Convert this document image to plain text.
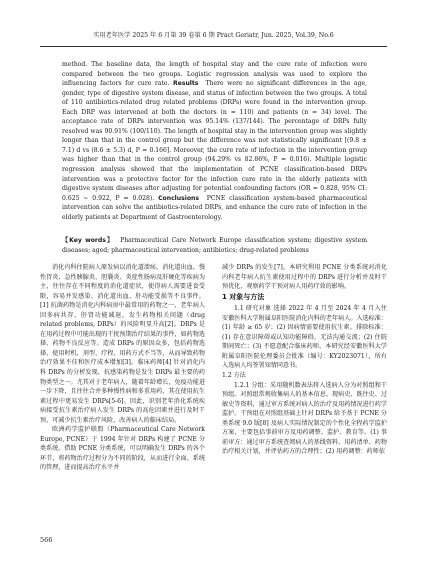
实用老年医学 2025 年 6 月第 39 卷第 6 期 Pract Geriatr, Jun. 2025, Vol.39, No.6

method. The baseline data, the length of hospital stay and the cure rate of infection were compared between the two groups. Logistic regression analysis was used to explore the influencing factors for cure rate. Results There were no significant differences in the age, gender, type of digestive system disease, and status of infection between the two groups. A total of 110 antibiotics-related drug related problems (DRPs) were found in the intervention group. Each DRP was intervened at both the doctors (n = 110) and patients (n = 34) level. The acceptance rate of DRPs intervention was 95.14% (137/144). The percentage of DRPs fully resolved was 90.91% (100/110). The length of hospital stay in the intervention group was slightly longer than that in the control group but the difference was not statistically significant [(9.8 ± 7.1) d vs (8.6 ± 5.3) d, P = 0.166]. Moreover, the cure rate of infection in the intervention group was higher than that in the control group (94.29% vs 82.86%, P = 0.016). Multiple logistic regression analysis showed that the implementation of PCNE classification-based DRPs intervention was a protective factor for the infection cure rate in the elderly patients with digestive system diseases after adjusting for potential confounding factors (OR = 0.828, 95% CI: 0.625 ~ 0.922, P = 0.028). Conclusions PCNE classification system-based pharmaceutical intervention can solve the antibiotics-related DRPs, and enhance the cure rate of infection in the elderly patients at Department of Gastroenterology.

【Key words】 Pharmaceutical Care Network Europe classification system; digestive system diseases; aged; pharmaceutical intervention; antibiotics; drug-related problems

消化内科住院病人原发病以消化道溃疡、消化道出血、慢性胃炎、急性胰腺炎、胆囊炎、炎症性肠病及肝硬化等疾病为主，往往存在不同程度的消化道症状，使得病人需要进食受限，容易并发感染、消化道出血、肝功能受损等不良事件。[1] 抗菌药物是消化内科病房中最常用的药物之一，老年病人因多病共存、肝肾功能减退，发生药物相关问题（drug related problems, DRPs）的风险明显升高[2]。DRPs 是在用药过程中可能出现的干扰预期治疗结果的事件，如药物选择、药物不良反应等。造成 DRPs 的原因众多，包括药物选择、使用时机、剂型、疗程、用药方式不当等，从而导致药物治疗效果不佳和医疗成本增加[3]。临床药师[4] 针对消化内科 DRPs 的分析发现，抗感染药物是发生 DRPs 最主要的药物类型之一。尤其对于老年病人，随着年龄增长，免疫功能进一步下降，且往往合并多种慢性病和多重用药，其在使用抗生素过程中更易发生 DRPs[5-6]。因此，识别老年消化系统疾病接受抗生素治疗病人发生 DRPs 的高危因素并进行及时干预，可减少抗生素治疗风险，改善病人的临床结局。

欧洲药学监护联盟（Pharmaceutical Care Network Europe, PCNE）于 1994 年针对 DRPs 构建了 PCNE 分类系统。借助 PCNE 分类系统，可以明确发生 DRPs 的各个环节，将药物治疗过程分为不同的阶段，从而进行全面、系统的管理，进而提高治疗水平并

减少 DRPs 的发生[7]。本研究利用 PCNE 分类系统对消化内科老年病人抗生素使用过程中的 DRPs 进行分析并及时干预优化，观察药学干预对病人用药疗效的影响。

1 对象与方法

1.1 研究对象 选择 2022 年 4 月至 2024 年 4 月入住安徽医科大学附属阜阳医院消化内科的老年病人。入选标准：(1) 年龄 ≥ 65 岁；(2) 因病情需要使用抗生素。排除标准：(1) 存在意识障碍或认知功能障碍，无法沟通交流；(2) 住院期间死亡；(3) 不愿意配合临床药师。本研究经安徽医科大学附属阜阳医院伦理委员会批准（编号：KY2023071），所有入选病人均签署知情同意书。

1.2 方法

1.2.1 分组：采用随机数表法将入选病人分为对照组和干预组。对照组常规收集病人的基本信息、现病史、既往史、过敏史等资料，通过审方系统对病人的治疗及用药情况进行药学监护。干预组在对照组基础上针对 DRPs 给予基于 PCNE 分类系统 9.0 版[8] 及病人实际情况制定的个性化全程药学监护方案，主要包括事前审方及用药调整、监护、教育等。(1) 事前审方：通过审方系统查阅病人的基线资料、用药清单、药物治疗相关计划，并评估药方的合理性；(2) 用药调整：药师依

566
